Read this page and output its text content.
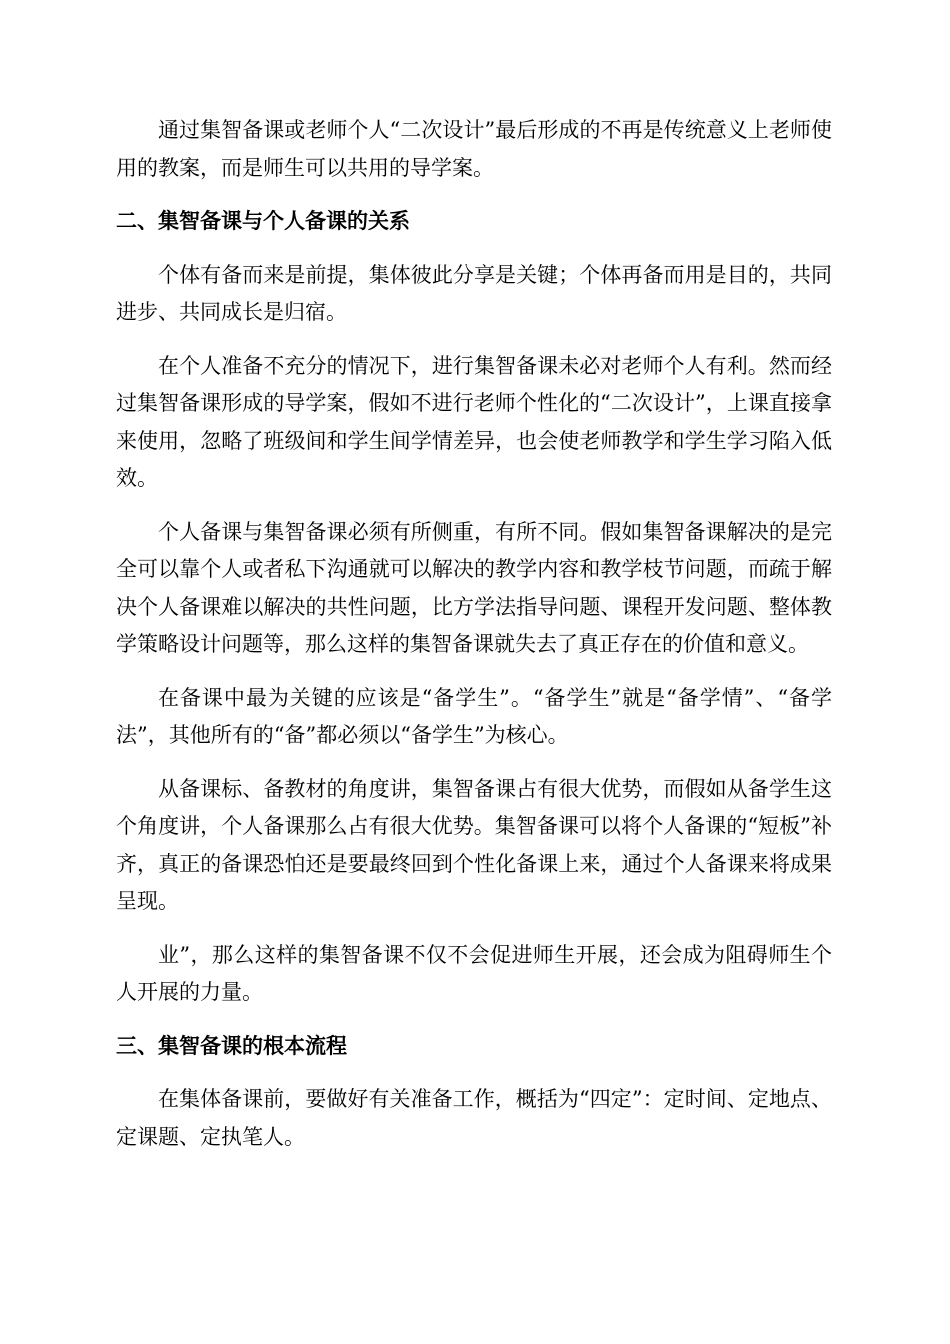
通过集智备课或老师个人“二次设计”最后形成的不再是传统意义上老师使用的教案，而是师生可以共用的导学案。

二、集智备课与个人备课的关系

个体有备而来是前提，集体彼此分享是关键；个体再备而用是目的，共同进步、共同成长是归宿。

在个人准备不充分的情况下，进行集智备课未必对老师个人有利。然而经过集智备课形成的导学案，假如不进行老师个性化的“二次设计”，上课直接拿来使用，忽略了班级间和学生间学情差异，也会使老师教学和学生学习陷入低效。

个人备课与集智备课必须有所侧重，有所不同。假如集智备课解决的是完全可以靠个人或者私下沟通就可以解决的教学内容和教学枝节问题，而疏于解决个人备课难以解决的共性问题，比方学法指导问题、课程开发问题、整体教学策略设计问题等，那么这样的集智备课就失去了真正存在的价值和意义。

在备课中最为关键的应该是“备学生”。“备学生”就是“备学情”、“备学法”，其他所有的“备”都必须以“备学生”为核心。

从备课标、备教材的角度讲，集智备课占有很大优势，而假如从备学生这个角度讲，个人备课那么占有很大优势。集智备课可以将个人备课的“短板”补齐，真正的备课恐怕还是要最终回到个性化备课上来，通过个人备课来将成果呈现。

业”，那么这样的集智备课不仅不会促进师生开展，还会成为阻碍师生个人开展的力量。

三、集智备课的根本流程

在集体备课前，要做好有关准备工作，概括为“四定”：定时间、定地点、定课题、定执笔人。
